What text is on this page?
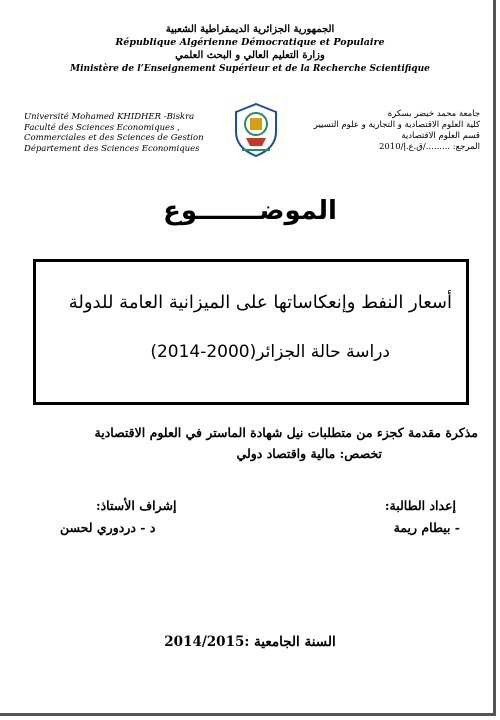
الجمهورية الجزائرية الديمقراطية الشعبية
République Algérienne Démocratique et Populaire
وزارة التعليم العالي و البحث العلمي
Ministère de l’Enseignement Supérieur et de la Recherche Scientifique
Université Mohamed KHIDHER -Biskra
Faculté des Sciences Economiques ,
Commerciales et des Sciences de Gestion
Département des Sciences Economiques
جامعة محمد خيضر بسكرة
كلية العلوم الاقتصادية و التجارية و علوم التسيير
قسم العلوم الاقتصادية
المرجع: ........./ق.ع.إ/2010
الموضـــــــوع
أسعار النفط وإنعكاساتها على الميزانية العامة للدولة
دراسة حالة الجزائر(2000-2014)
مذكرة مقدمة كجزء من متطلبات نيل شهادة الماستر في العلوم الاقتصادية
تخصص: مالية واقتصاد دولي
إعداد الطالبة:
- بيطام ريمة
إشراف الأستاذ:
د - دردوري لحسن
السنة الجامعية :2014/2015
